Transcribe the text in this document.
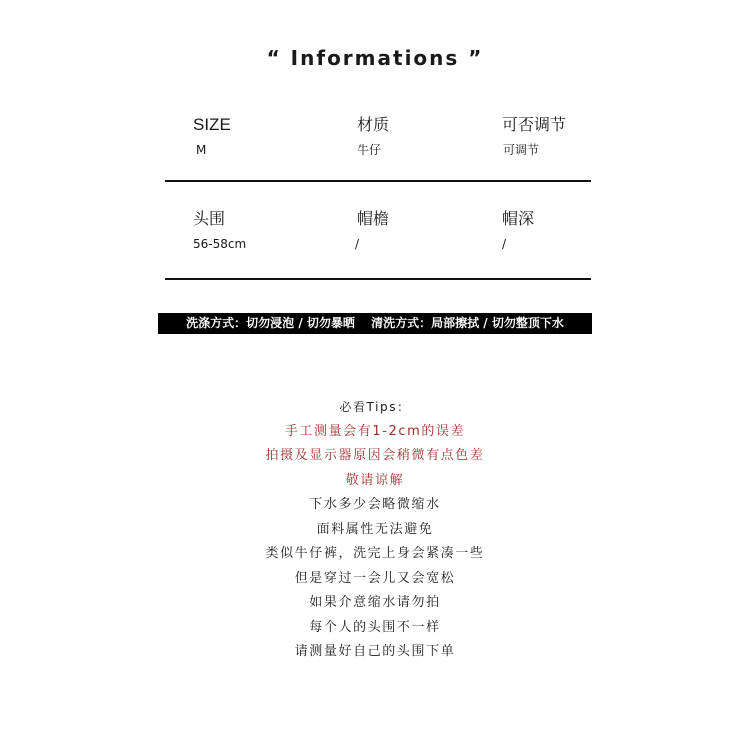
“ Informations ”
SIZE
M
材质
牛仔
可否调节
可调节
头围
56-58cm
帽檐
/
帽深
/
洗涤方式：切勿浸泡 / 切勿暴晒　 清洗方式：局部擦拭 / 切勿整顶下水
必看Tips：
手工测量会有1-2cm的误差
拍摄及显示器原因会稍微有点色差
敬请谅解
下水多少会略微缩水
面料属性无法避免
类似牛仔裤，洗完上身会紧凑一些
但是穿过一会儿又会宽松
如果介意缩水请勿拍
每个人的头围不一样
请测量好自己的头围下单
